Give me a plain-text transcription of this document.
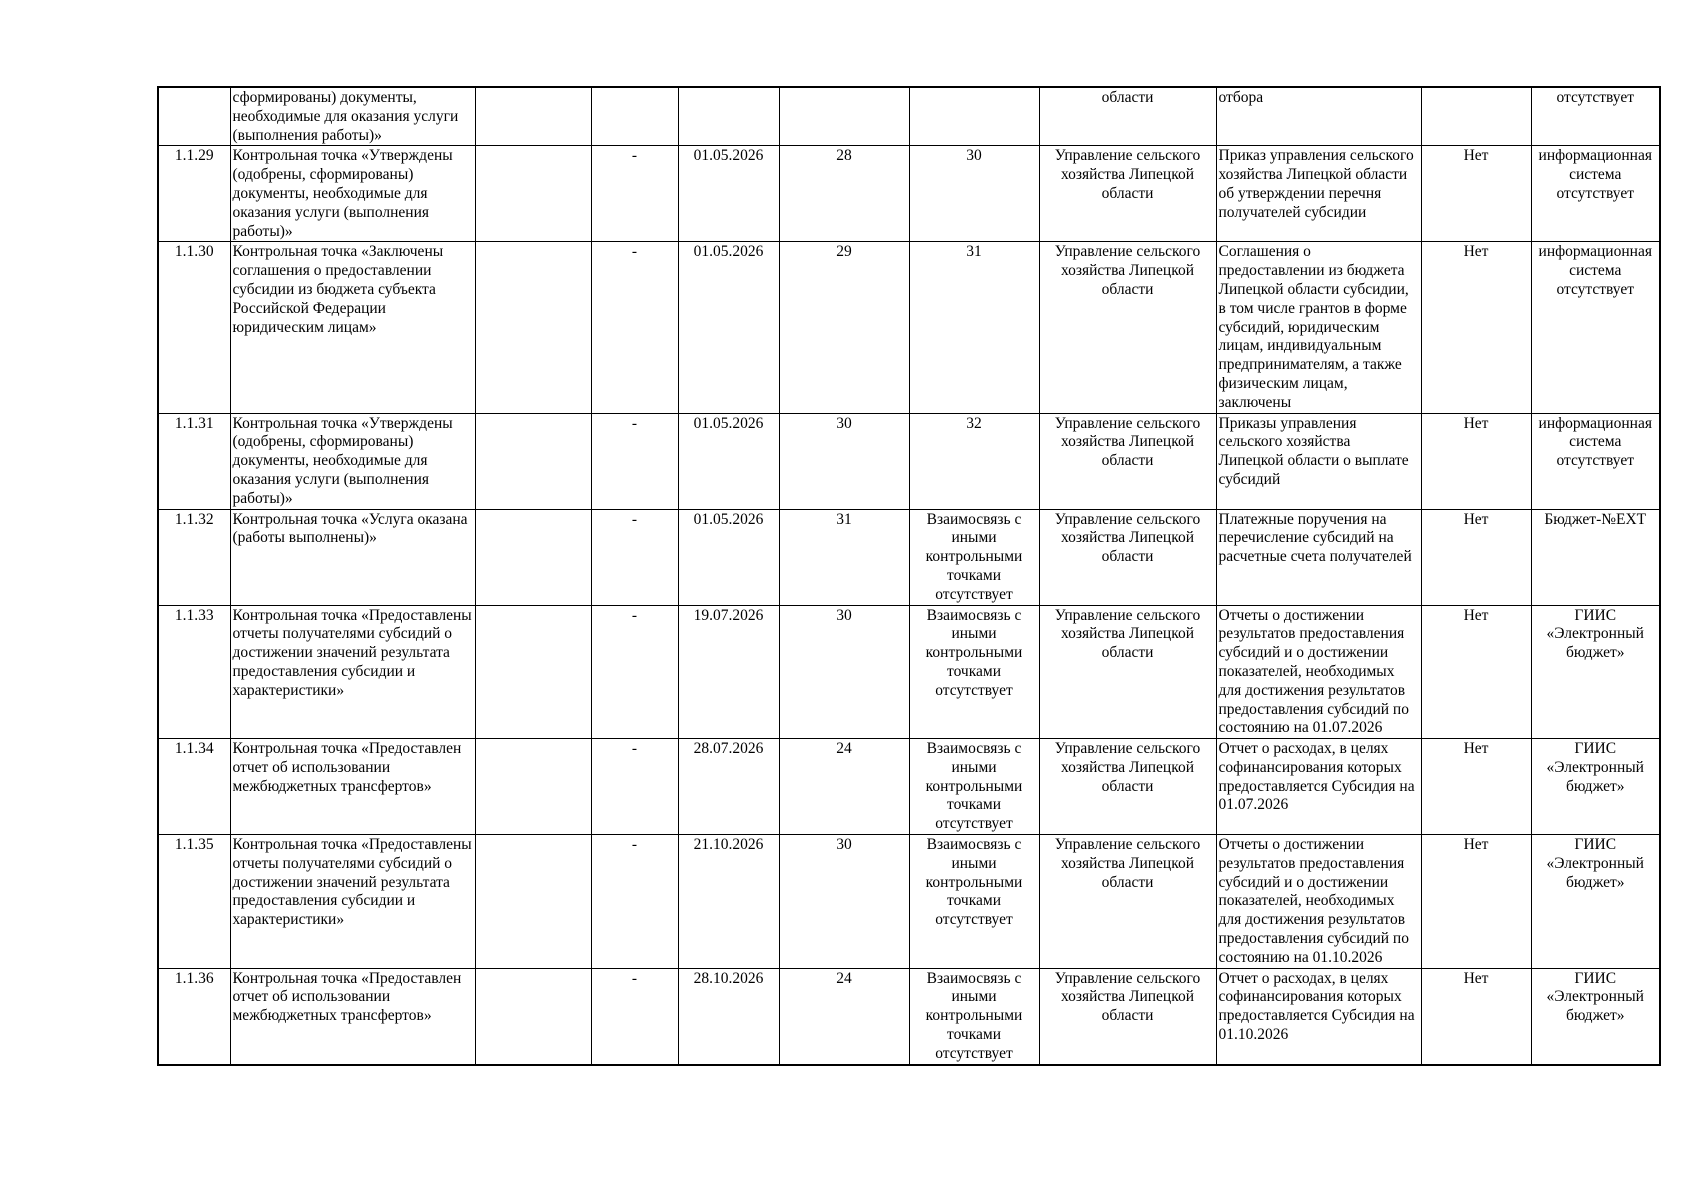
	сформированы) документы, необходимые для оказания услуги (выполнения работы)»						области	отбора		отсутствует
1.1.29	Контрольная точка «Утверждены (одобрены, сформированы) документы, необходимые для оказания услуги (выполнения работы)»		-	01.05.2026	28	30	Управление сельского хозяйства Липецкой области	Приказ управления сельского хозяйства Липецкой области об утверждении перечня получателей субсидии	Нет	информационная система отсутствует
1.1.30	Контрольная точка «Заключены соглашения о предоставлении субсидии из бюджета субъекта Российской Федерации юридическим лицам»		-	01.05.2026	29	31	Управление сельского хозяйства Липецкой области	Соглашения о предоставлении из бюджета Липецкой области субсидии, в том числе грантов в форме субсидий, юридическим лицам, индивидуальным предпринимателям, а также физическим лицам, заключены	Нет	информационная система отсутствует
1.1.31	Контрольная точка «Утверждены (одобрены, сформированы) документы, необходимые для оказания услуги (выполнения работы)»		-	01.05.2026	30	32	Управление сельского хозяйства Липецкой области	Приказы управления сельского хозяйства Липецкой области о выплате субсидий	Нет	информационная система отсутствует
1.1.32	Контрольная точка «Услуга оказана (работы выполнены)»		-	01.05.2026	31	Взаимосвязь с иными контрольными точками отсутствует	Управление сельского хозяйства Липецкой области	Платежные поручения на перечисление субсидий на расчетные счета получателей	Нет	Бюджет-№ЕХТ
1.1.33	Контрольная точка «Предоставлены отчеты получателями субсидий о достижении значений результата предоставления субсидии и характеристики»		-	19.07.2026	30	Взаимосвязь с иными контрольными точками отсутствует	Управление сельского хозяйства Липецкой области	Отчеты о достижении результатов предоставления субсидий и о достижении показателей, необходимых для достижения результатов предоставления субсидий по состоянию на 01.07.2026	Нет	ГИИС «Электронный бюджет»
1.1.34	Контрольная точка «Предоставлен отчет об использовании межбюджетных трансфертов»		-	28.07.2026	24	Взаимосвязь с иными контрольными точками отсутствует	Управление сельского хозяйства Липецкой области	Отчет о расходах, в целях софинансирования которых предоставляется Субсидия на 01.07.2026	Нет	ГИИС «Электронный бюджет»
1.1.35	Контрольная точка «Предоставлены отчеты получателями субсидий о достижении значений результата предоставления субсидии и характеристики»		-	21.10.2026	30	Взаимосвязь с иными контрольными точками отсутствует	Управление сельского хозяйства Липецкой области	Отчеты о достижении результатов предоставления субсидий и о достижении показателей, необходимых для достижения результатов предоставления субсидий по состоянию на 01.10.2026	Нет	ГИИС «Электронный бюджет»
1.1.36	Контрольная точка «Предоставлен отчет об использовании межбюджетных трансфертов»		-	28.10.2026	24	Взаимосвязь с иными контрольными точками отсутствует	Управление сельского хозяйства Липецкой области	Отчет о расходах, в целях софинансирования которых предоставляется Субсидия на 01.10.2026	Нет	ГИИС «Электронный бюджет»
